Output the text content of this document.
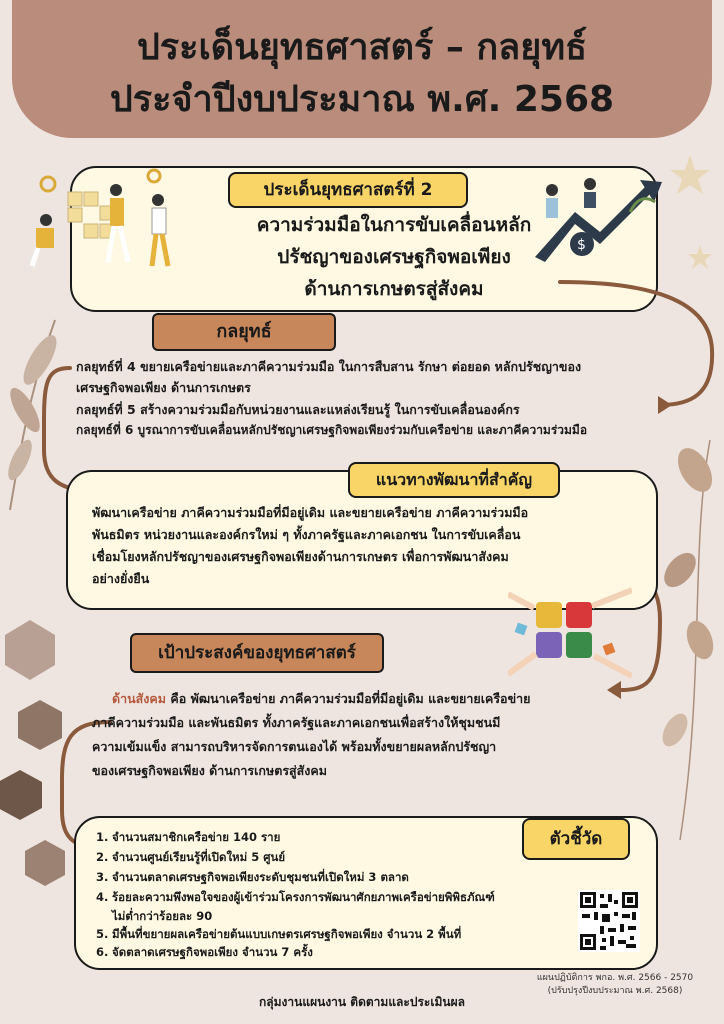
ประเด็นยุทธศาสตร์ – กลยุทธ์
ประจำปีงบประมาณ พ.ศ. 2568
ความร่วมมือในการขับเคลื่อนหลัก
ปรัชญาของเศรษฐกิจพอเพียง
ด้านการเกษตรสู่สังคม
ประเด็นยุทธศาสตร์ที่ 2
$
กลยุทธ์
กลยุทธ์ที่ 4 ขยายเครือข่ายและภาคีความร่วมมือ ในการสืบสาน รักษา ต่อยอด หลักปรัชญาของ
เศรษฐกิจพอเพียง ด้านการเกษตร
กลยุทธ์ที่ 5 สร้างความร่วมมือกับหน่วยงานและแหล่งเรียนรู้ ในการขับเคลื่อนองค์กร
กลยุทธ์ที่ 6 บูรณาการขับเคลื่อนหลักปรัชญาเศรษฐกิจพอเพียงร่วมกับเครือข่าย และภาคีความร่วมมือ
แนวทางพัฒนาที่สำคัญ
พัฒนาเครือข่าย ภาคีความร่วมมือที่มีอยู่เดิม และขยายเครือข่าย ภาคีความร่วมมือ
พันธมิตร หน่วยงานและองค์กรใหม่ ๆ ทั้งภาครัฐและภาคเอกชน ในการขับเคลื่อน
เชื่อมโยงหลักปรัชญาของเศรษฐกิจพอเพียงด้านการเกษตร เพื่อการพัฒนาสังคม
อย่างยั่งยืน
เป้าประสงค์ของยุทธศาสตร์
ด้านสังคม คือ พัฒนาเครือข่าย ภาคีความร่วมมือที่มีอยู่เดิม และขยายเครือข่าย
ภาคีความร่วมมือ และพันธมิตร ทั้งภาครัฐและภาคเอกชนเพื่อสร้างให้ชุมชนมี
ความเข้มแข็ง สามารถบริหารจัดการตนเองได้ พร้อมทั้งขยายผลหลักปรัชญา
ของเศรษฐกิจพอเพียง ด้านการเกษตรสู่สังคม
ตัวชี้วัด
1. จำนวนสมาชิกเครือข่าย 140 ราย
2. จำนวนศูนย์เรียนรู้ที่เปิดใหม่ 5 ศูนย์
3. จำนวนตลาดเศรษฐกิจพอเพียงระดับชุมชนที่เปิดใหม่ 3 ตลาด
4. ร้อยละความพึงพอใจของผู้เข้าร่วมโครงการพัฒนาศักยภาพเครือข่ายพิพิธภัณฑ์
ไม่ต่ำกว่าร้อยละ 90
5. มีพื้นที่ขยายผลเครือข่ายต้นแบบเกษตรเศรษฐกิจพอเพียง จำนวน 2 พื้นที่
6. จัดตลาดเศรษฐกิจพอเพียง จำนวน 7 ครั้ง
แผนปฏิบัติการ พกอ. พ.ศ. 2566 - 2570
(ปรับปรุงปีงบประมาณ พ.ศ. 2568)
กลุ่มงานแผนงาน ติดตามและประเมินผล
